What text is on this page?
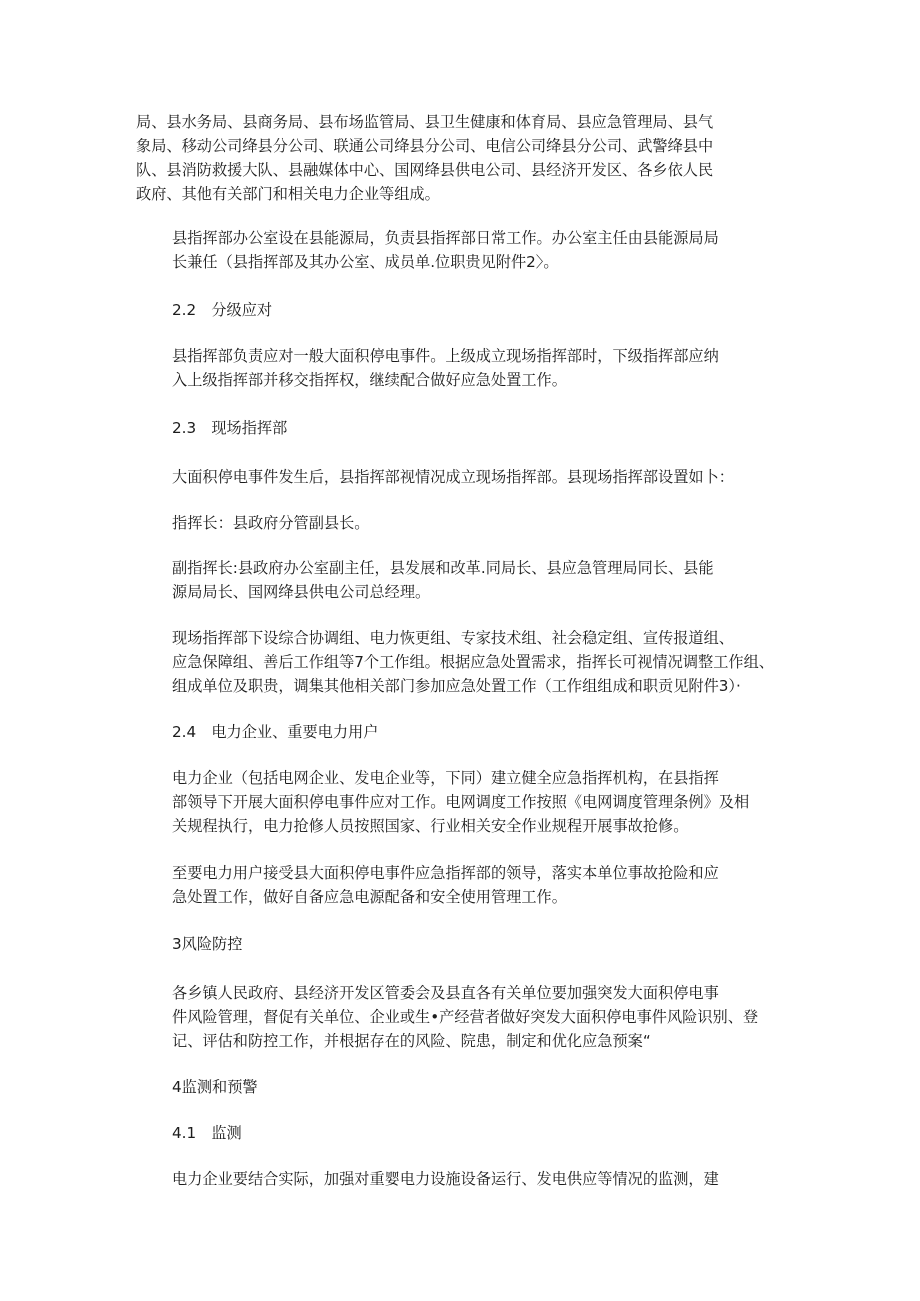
局、县水务局、县商务局、县布场监管局、县卫生健康和体育局、县应急管理局、县气
象局、移动公司绛县分公司、联通公司绛县分公司、电信公司绛县分公司、武警绛县中
队、县消防救援大队、县融媒体中心、国网绛县供电公司、县经济开发区、各乡依人民
政府、其他有关部门和相关电力企业等组成。

县指挥部办公室设在县能源局，负责县指挥部日常工作。办公室主任由县能源局局
长兼任（县指挥部及其办公室、成员单.位职贵见附件2〉。

2.2　分级应对

县指挥部负责应对一般大面积停电事件。上级成立现场指挥部时，下级指挥部应纳
入上级指挥部并移交指挥权，继续配合做好应急处置工作。

2.3　现场指挥部

大面积停电事件发生后，县指挥部视情况成立现场指挥部。县现场指挥部设置如卜：

指挥长：县政府分管副县长。

副指挥长:县政府办公室副主任，县发展和改革.同局长、县应急管理局同长、县能
源局局长、国网绛县供电公司总经理。

现场指挥部下设综合协调组、电力恢更组、专家技术组、社会稳定组、宣传报道组、
应急保障组、善后工作组等7个工作组。根据应急处置需求，指挥长可视情况调整工作组、
组成单位及职贵，调集其他相关部门参加应急处置工作（工作组组成和职贡见附件3）·

2.4　电力企业、重要电力用户

电力企业（包括电网企业、发电企业等，下同）建立健全应急指挥机构，在县指挥
部领导下开展大面积停电事件应对工作。电网调度工作按照《电网调度管理条例》及相
关规程执行，电力抢修人员按照国家、行业相关安全作业规程开展事故抢修。

至要电力用户接受县大面积停电事件应急指挥部的领导，落实本单位事故抢险和应
急处置工作，做好自备应急电源配备和安全使用管理工作。

3风险防控

各乡镇人民政府、县经济开发区管委会及县直各有关单位要加强突发大面积停电事
件风险管理，督促有关单位、企业或生•产经营者做好突发大面积停电事件风险识别、登
记、评估和防控工作，并根据存在的风险、院患，制定和优化应急预案“

4监测和预警

4.1　监测

电力企业要结合实际，加强对重婴电力设施设备运行、发电供应等情况的监测，建
